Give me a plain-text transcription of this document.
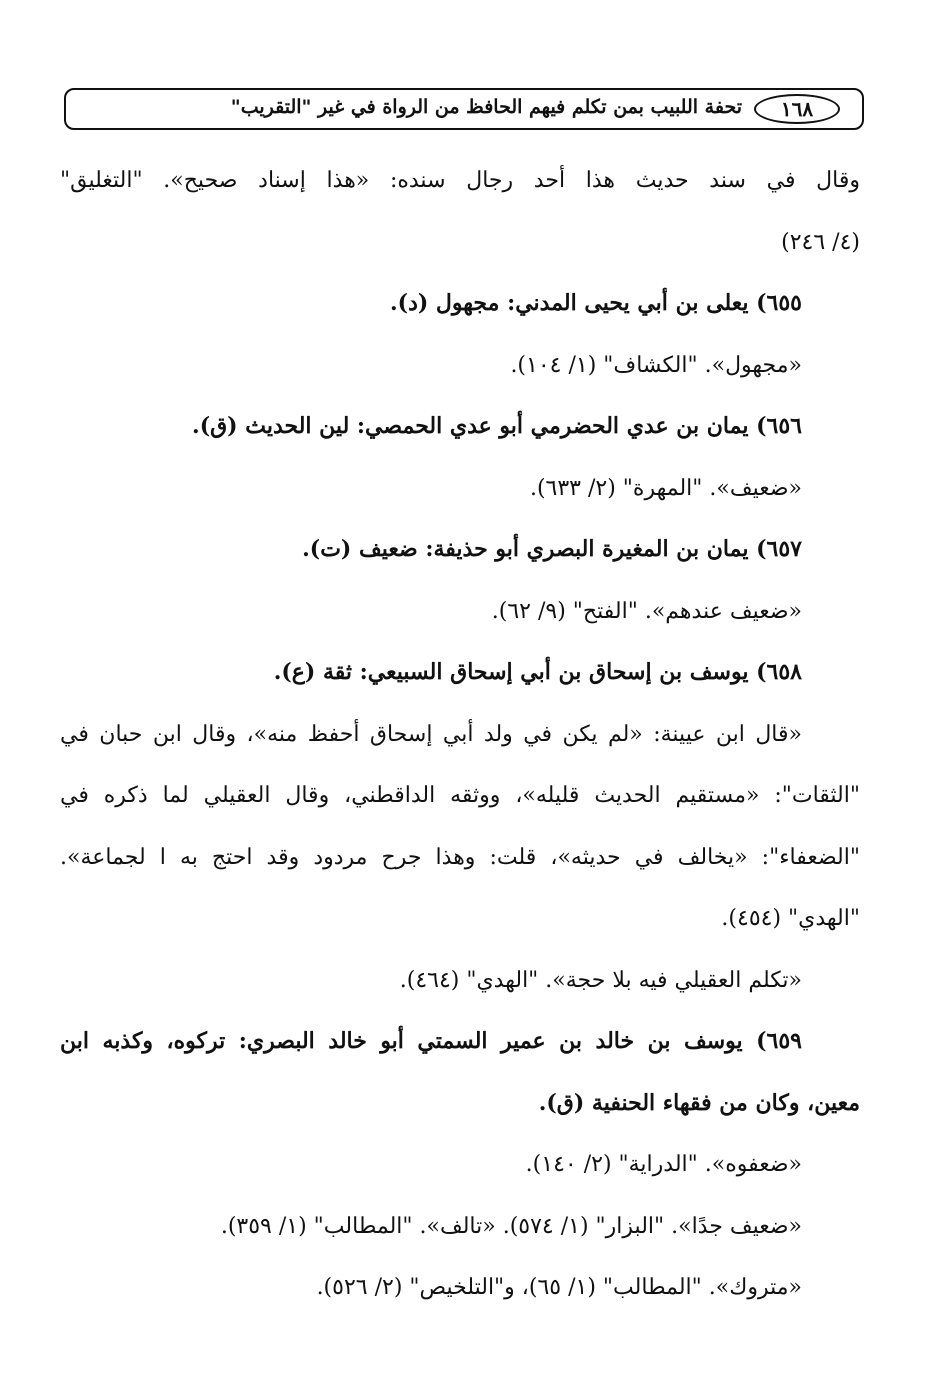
١٦٨
تحفة اللبيب بمن تكلم فيهم الحافظ من الرواة في غير "التقريب"
وقال في سند حديث هذا أحد رجال سنده: «هذا إسناد صحيح». "التغليق"
(٤/ ٢٤٦)
٦٥٥) يعلى بن أبي يحيى المدني: مجهول (د).
«مجهول». "الكشاف" (١/ ١٠٤).
٦٥٦) يمان بن عدي الحضرمي أبو عدي الحمصي: لين الحديث (ق).
«ضعيف». "المهرة" (٢/ ٦٣٣).
٦٥٧) يمان بن المغيرة البصري أبو حذيفة: ضعيف (ت).
«ضعيف عندهم». "الفتح" (٩/ ٦٢).
٦٥٨) يوسف بن إسحاق بن أبي إسحاق السبيعي: ثقة (ع).
«قال ابن عيينة: «لم يكن في ولد أبي إسحاق أحفظ منه»، وقال ابن حبان في
"الثقات": «مستقيم الحديث قليله»، ووثقه الداقطني، وقال العقيلي لما ذكره في
"الضعفاء": «يخالف في حديثه»، قلت: وهذا جرح مردود وقد احتج به ا لجماعة».
"الهدي" (٤٥٤).
«تكلم العقيلي فيه بلا حجة». "الهدي" (٤٦٤).
٦٥٩) يوسف بن خالد بن عمير السمتي أبو خالد البصري: تركوه، وكذبه ابن
معين، وكان من فقهاء الحنفية (ق).
«ضعفوه». "الدراية" (٢/ ١٤٠).
«ضعيف جدًا». "البزار" (١/ ٥٧٤). «تالف». "المطالب" (١/ ٣٥٩).
«متروك». "المطالب" (١/ ٦٥)، و"التلخيص" (٢/ ٥٢٦).
